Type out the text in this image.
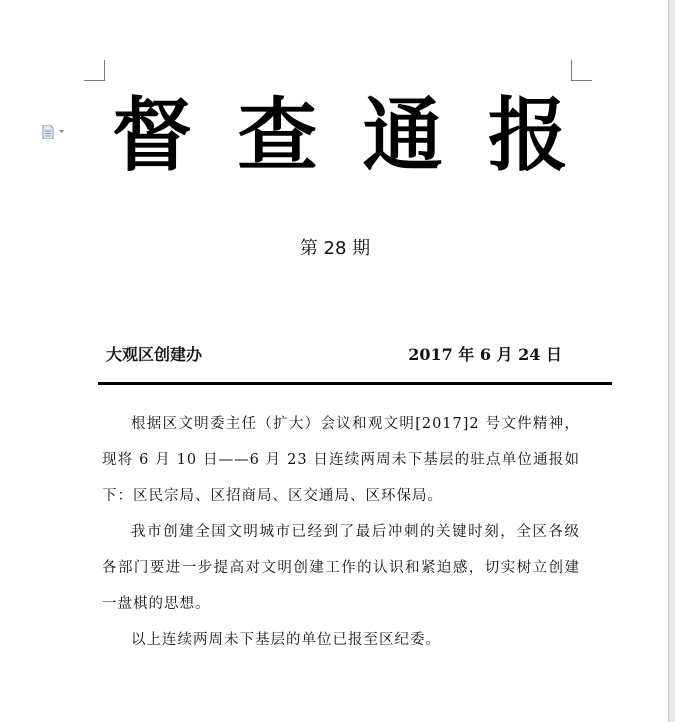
督 查 通 报
第 28 期
大观区创建办	2017 年 6 月 24 日

根据区文明委主任（扩大）会议和观文明[2017]2 号文件精神，现将 6 月 10 日——6 月 23 日连续两周未下基层的驻点单位通报如下：区民宗局、区招商局、区交通局、区环保局。

我市创建全国文明城市已经到了最后冲刺的关键时刻，全区各级各部门要进一步提高对文明创建工作的认识和紧迫感，切实树立创建一盘棋的思想。

以上连续两周未下基层的单位已报至区纪委。
